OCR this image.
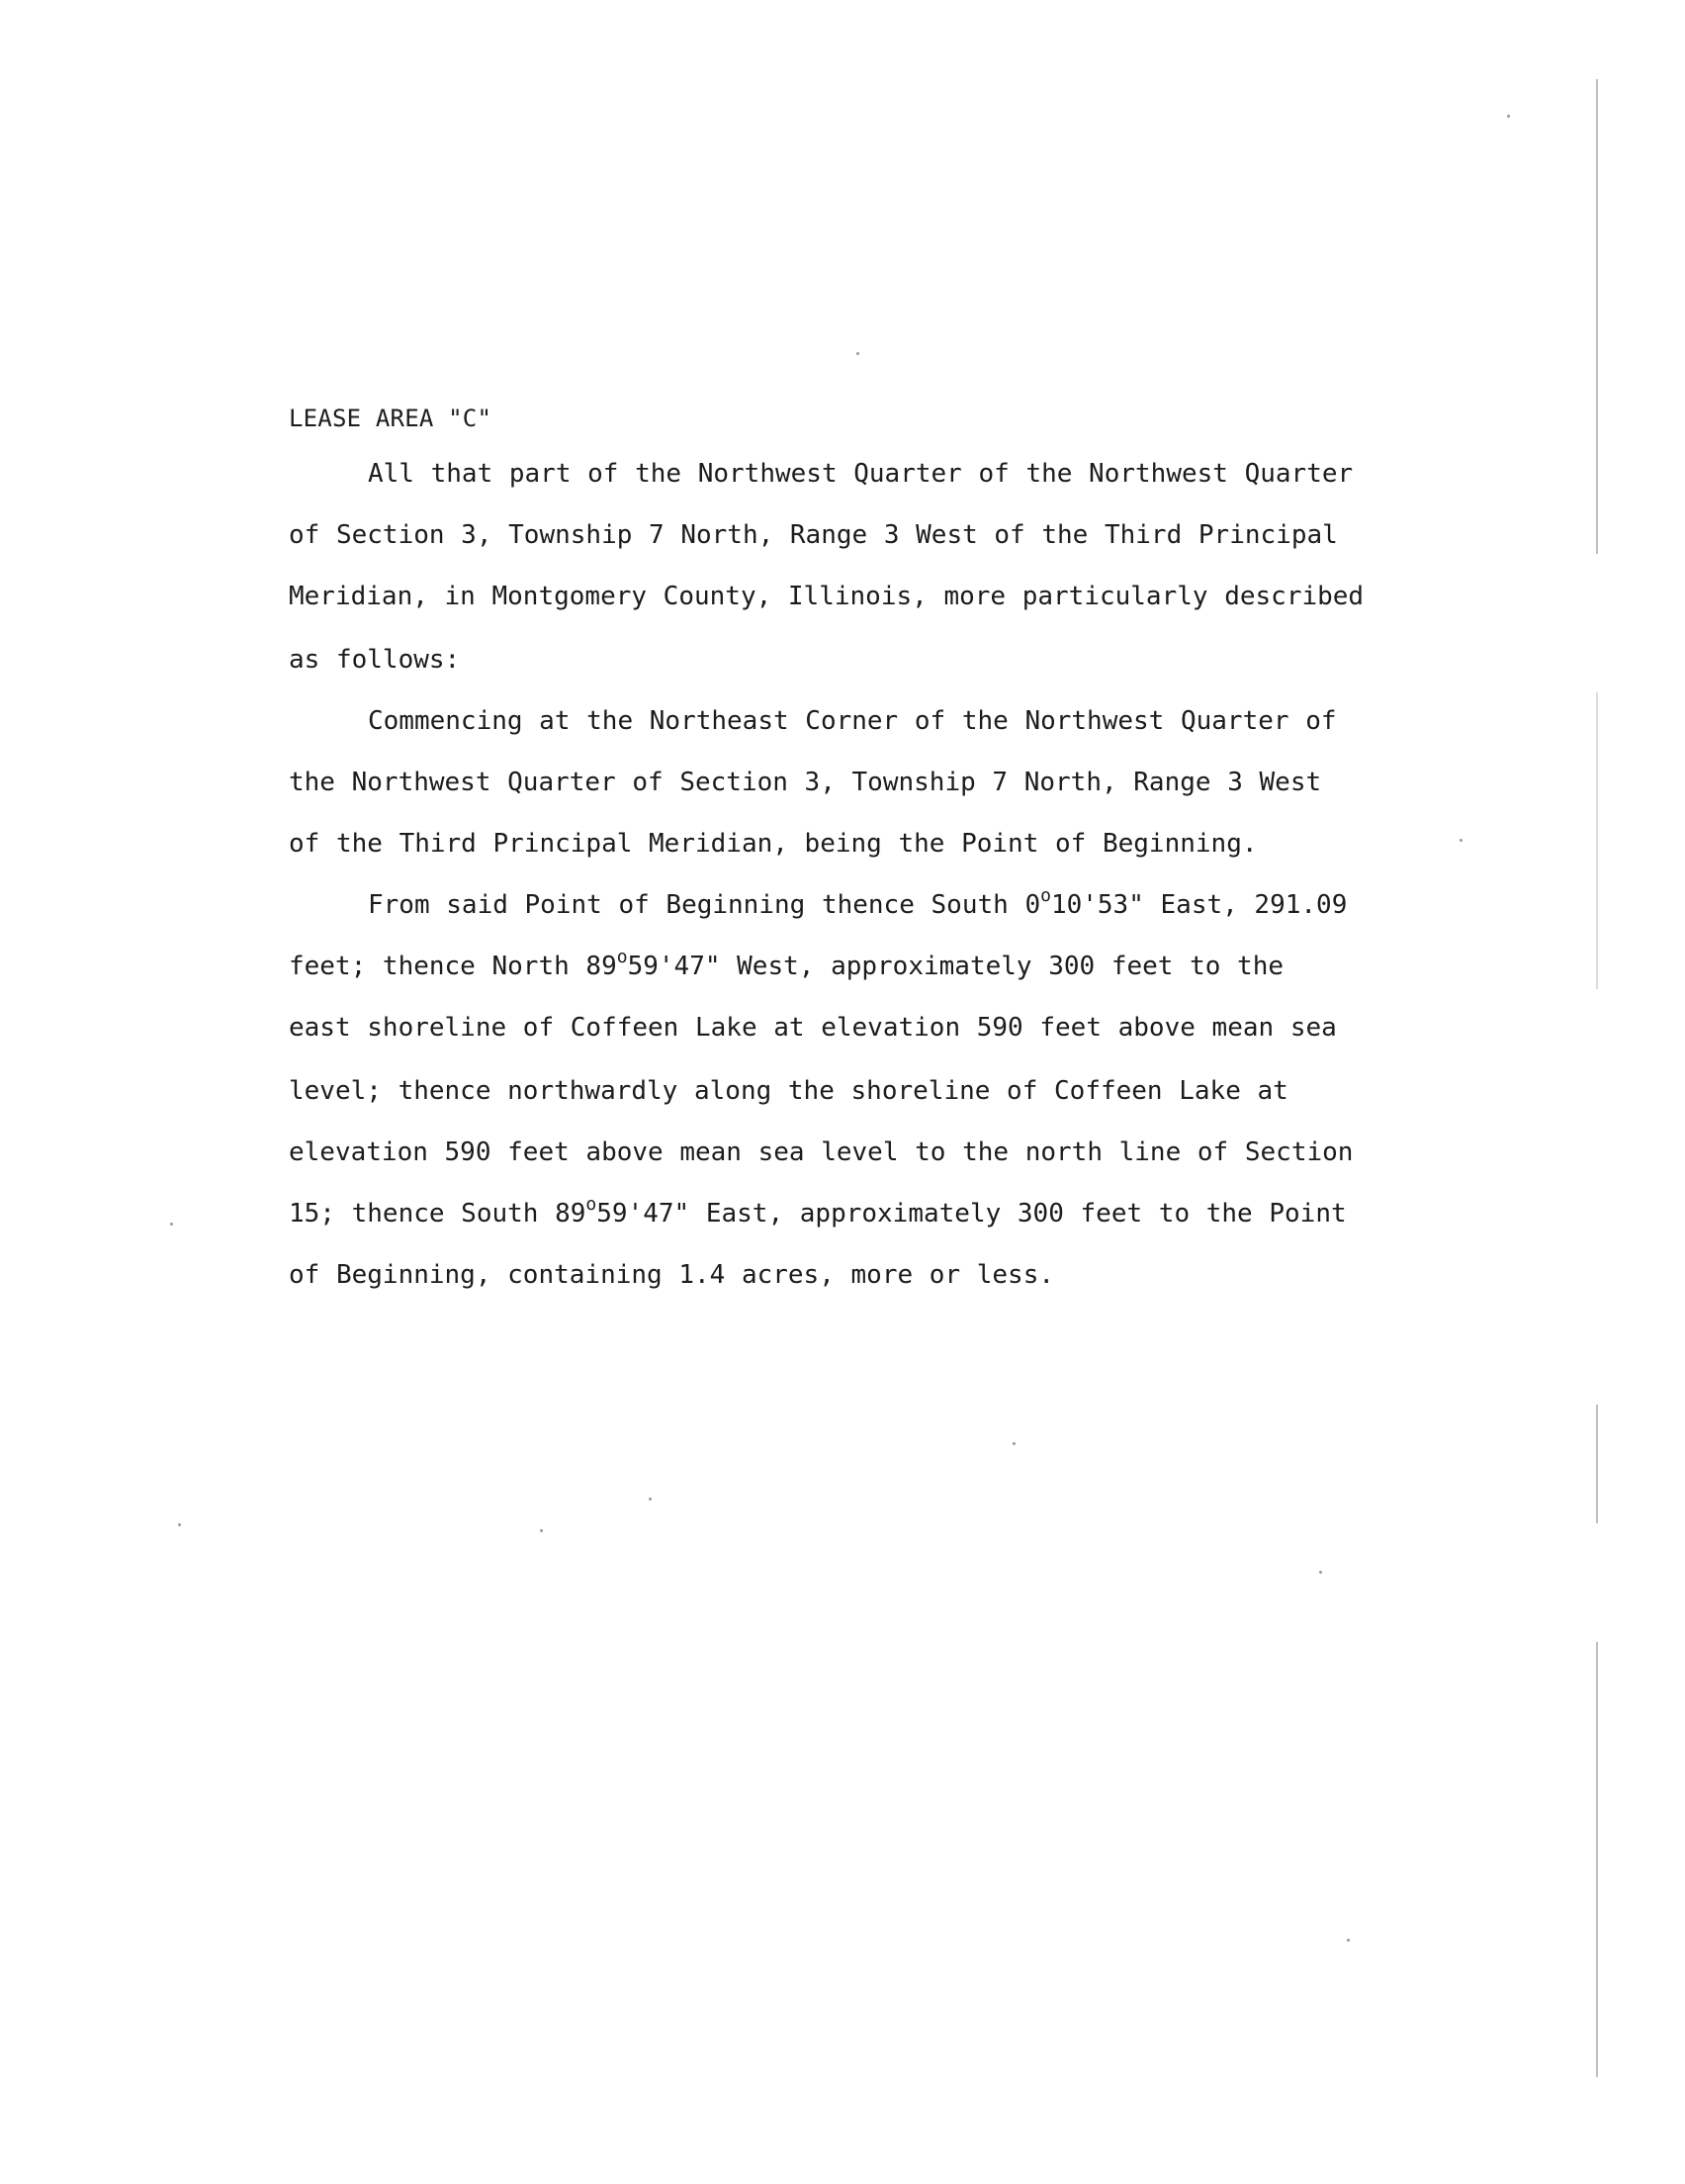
LEASE AREA "C"
All that part of the Northwest Quarter of the Northwest Quarter
of Section 3, Township 7 North, Range 3 West of the Third Principal
Meridian, in Montgomery County, Illinois, more particularly described
as follows:
Commencing at the Northeast Corner of the Northwest Quarter of
the Northwest Quarter of Section 3, Township 7 North, Range 3 West
of the Third Principal Meridian, being the Point of Beginning.
From said Point of Beginning thence South 0$^o$10'53" East, 291.09
feet; thence North 89$^o$59'47" West, approximately 300 feet to the
east shoreline of Coffeen Lake at elevation 590 feet above mean sea
level; thence northwardly along the shoreline of Coffeen Lake at
elevation 590 feet above mean sea level to the north line of Section
15; thence South 89$^o$59'47" East, approximately 300 feet to the Point
of Beginning, containing 1.4 acres, more or less.
